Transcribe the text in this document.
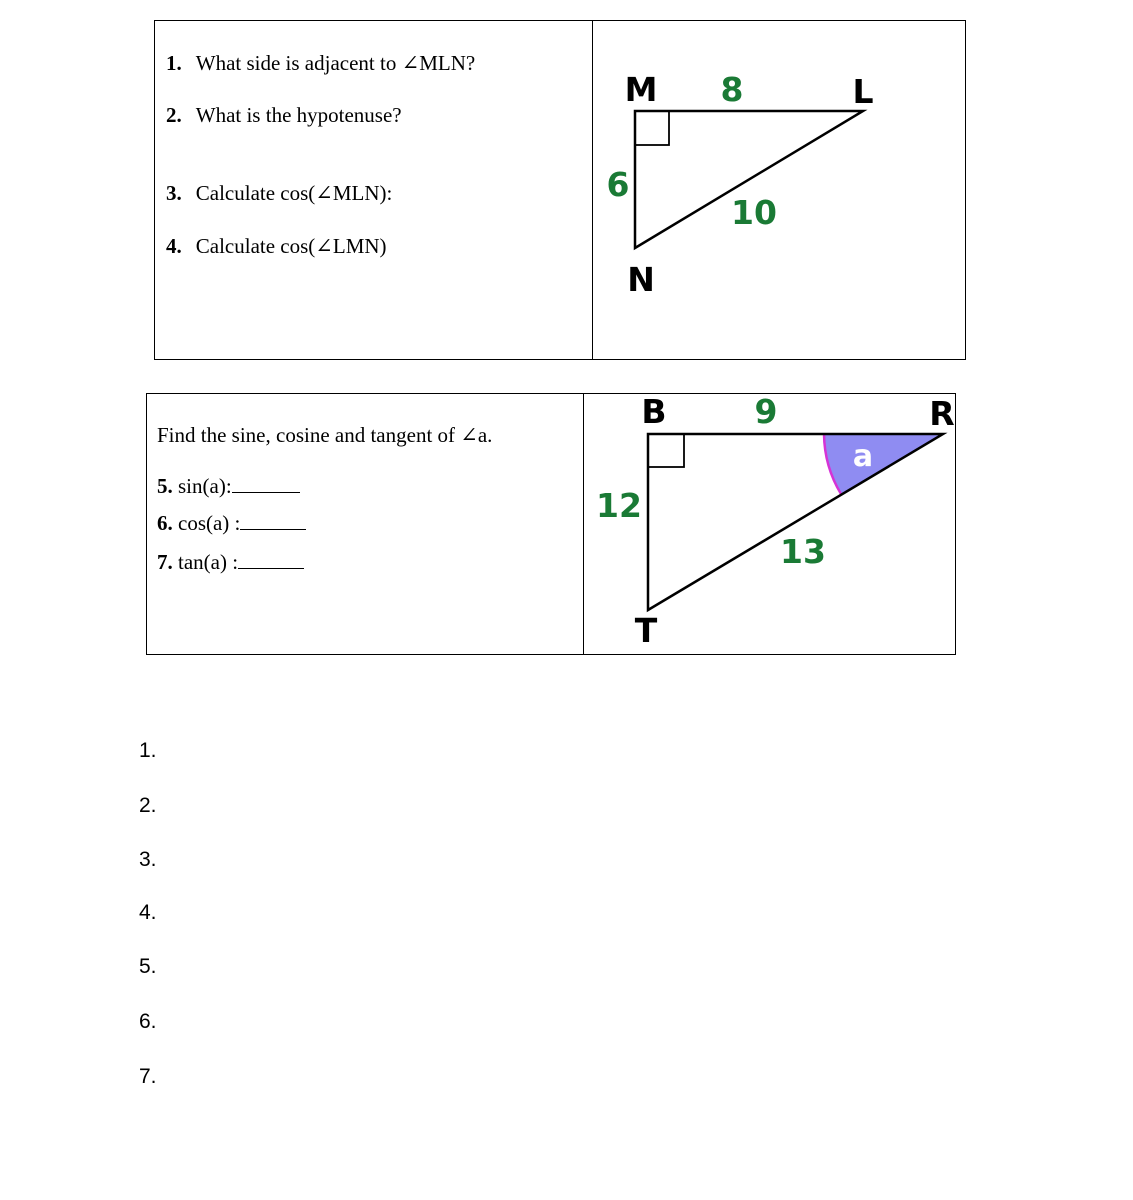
1. What side is adjacent to ∠MLN?
2. What is the hypotenuse?
3. Calculate cos(∠MLN):
4. Calculate cos(∠LMN)
M	L
N
8
6
10
Find the sine, cosine and tangent of ∠a.
5. sin(a):
6. cos(a) :
7. tan(a) :
a
B	R
T
9
12
13
1.
2.
3.
4.
5.
6.
7.
